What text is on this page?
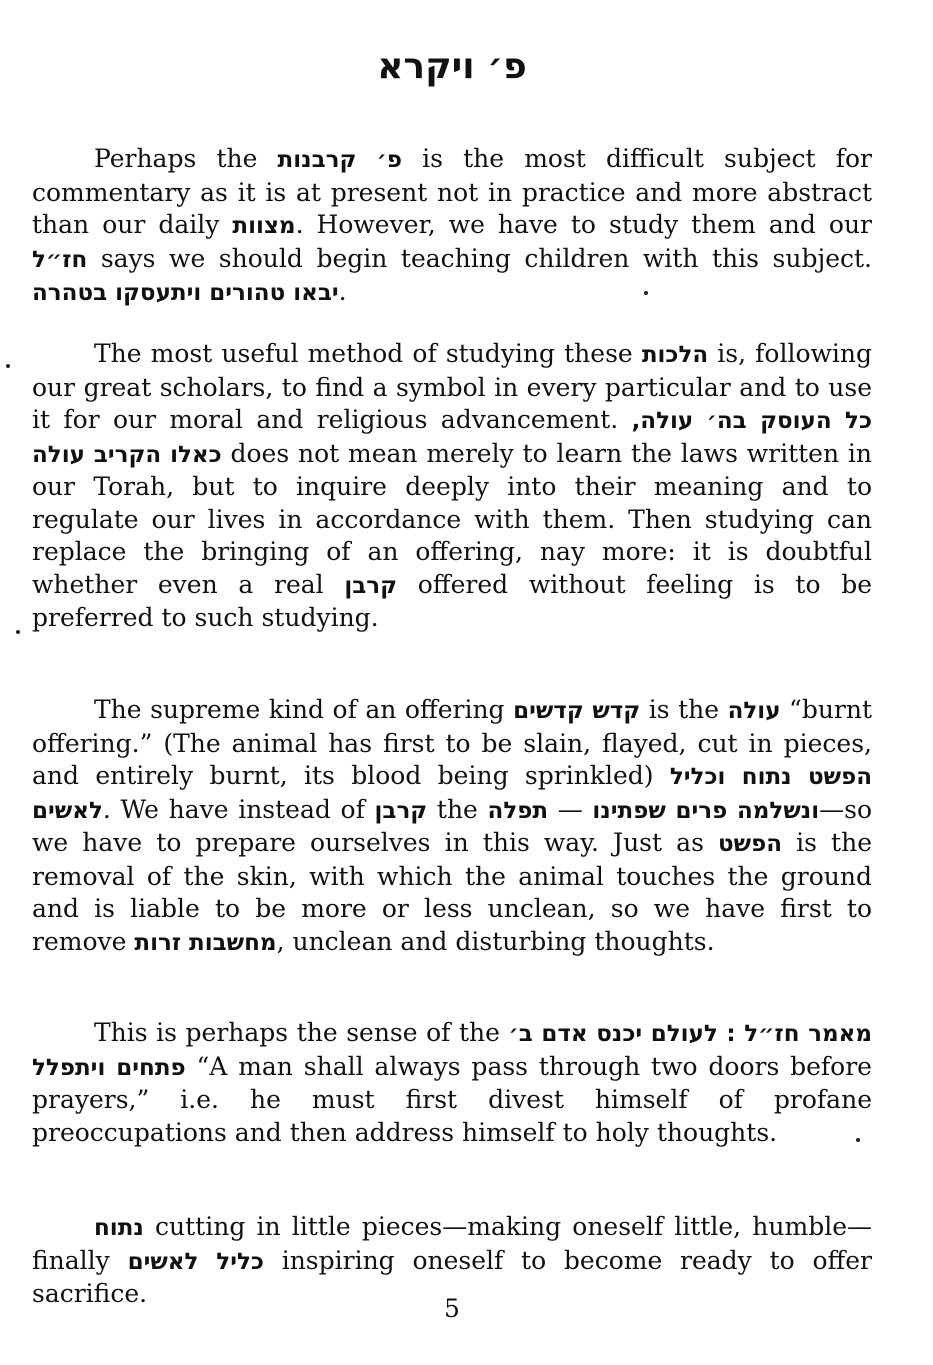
פ׳ ויקרא

Perhaps the פ׳ קרבנות is the most difficult subject for commentary as it is at present not in practice and more abstract than our daily מצוות. However, we have to study them and our חז״ל says we should begin teaching children with this subject. יבאו טהורים ויתעסקו בטהרה.

The most useful method of studying these הלכות is, following our great scholars, to find a symbol in every particular and to use it for our moral and religious advancement. כל העוסק בה׳ עולה, כאלו הקריב עולה does not mean merely to learn the laws written in our Torah, but to inquire deeply into their meaning and to regulate our lives in accordance with them. Then studying can replace the bringing of an offering, nay more: it is doubtful whether even a real קרבן offered without feeling is to be preferred to such studying.

The supreme kind of an offering קדש קדשים is the עולה “burnt offering.” (The animal has first to be slain, flayed, cut in pieces, and entirely burnt, its blood being sprinkled) הפשט נתוח וכליל לאשים. We have instead of קרבן the תפלה — ונשלמה פרים שפתינו—so we have to prepare ourselves in this way. Just as הפשט is the removal of the skin, with which the animal touches the ground and is liable to be more or less unclean, so we have first to remove מחשבות זרות, unclean and disturbing thoughts.

This is perhaps the sense of the מאמר חז״ל : לעולם יכנס אדם ב׳ פתחים ויתפלל “A man shall always pass through two doors before prayers,” i.e. he must first divest himself of profane preoccupations and then address himself to holy thoughts.

נתוח cutting in little pieces—making oneself little, humble—finally כליל לאשים inspiring oneself to become ready to offer sacrifice.

5
